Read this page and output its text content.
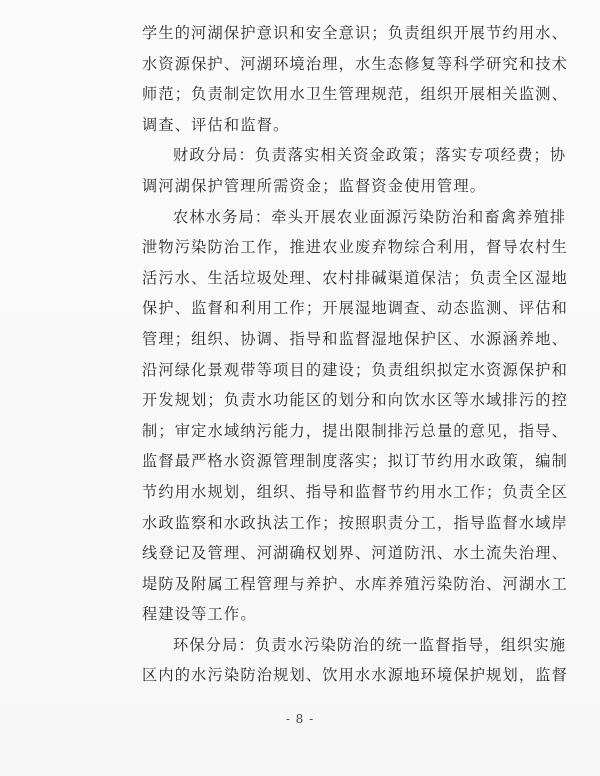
学生的河湖保护意识和安全意识；负责组织开展节约用水、
水资源保护、河湖环境治理，水生态修复等科学研究和技术
师范；负责制定饮用水卫生管理规范，组织开展相关监测、
调查、评估和监督。
财政分局：负责落实相关资金政策；落实专项经费；协
调河湖保护管理所需资金；监督资金使用管理。
农林水务局：牵头开展农业面源污染防治和畜禽养殖排
泄物污染防治工作，推进农业废弃物综合利用，督导农村生
活污水、生活垃圾处理、农村排碱渠道保洁；负责全区湿地
保护、监督和利用工作；开展湿地调查、动态监测、评估和
管理；组织、协调、指导和监督湿地保护区、水源涵养地、
沿河绿化景观带等项目的建设；负责组织拟定水资源保护和
开发规划；负责水功能区的划分和向饮水区等水域排污的控
制；审定水域纳污能力，提出限制排污总量的意见，指导、
监督最严格水资源管理制度落实；拟订节约用水政策，编制
节约用水规划，组织、指导和监督节约用水工作；负责全区
水政监察和水政执法工作；按照职责分工，指导监督水域岸
线登记及管理、河湖确权划界、河道防汛、水土流失治理、
堤防及附属工程管理与养护、水库养殖污染防治、河湖水工
程建设等工作。
环保分局：负责水污染防治的统一监督指导，组织实施
区内的水污染防治规划、饮用水水源地环境保护规划，监督
- 8 -
